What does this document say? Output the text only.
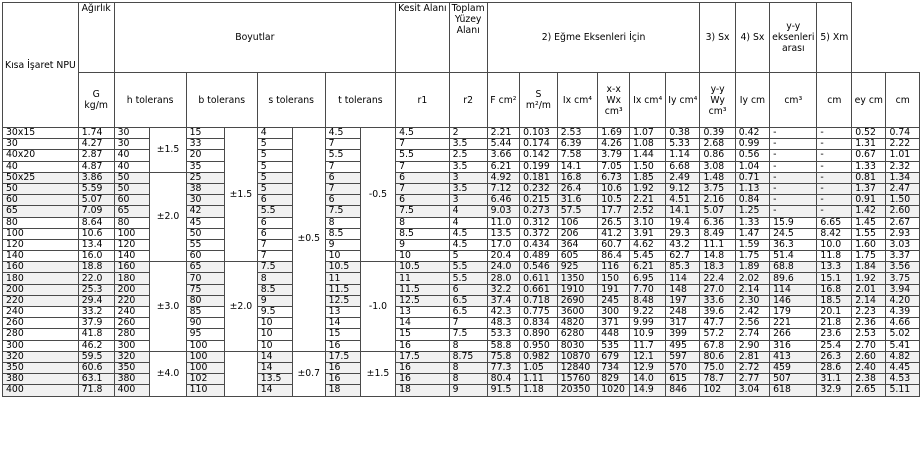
Kısa İşaret NPU	Ağırlık	Boyutlar								Kesit Alanı	Toplam Yüzey Alanı	2) Eğme Eksenleri İçin						3) Sx	4) Sx	y-y eksenleri arası	5) Xm		
	G kg/m	h tolerans		b tolerans		s tolerans		t tolerans		r1	r2	F cm²	S m²/m	Ix cm⁴	x-x Wx cm³	Ix cm⁴	Iy cm⁴	y-y Wy cm³	Iy cm	cm³	cm	ey cm	cm
30x15	1.74	30	±1.5	15	±1.5	4	±0.5	4.5	-0.5	4.5	2	2.21	0.103	2.53	1.69	1.07	0.38	0.39	0.42	-	-	0.52	0.74
30	4.27	30		33		5		7		7	3.5	5.44	0.174	6.39	4.26	1.08	5.33	2.68	0.99	-	-	1.31	2.22
40x20	2.87	40		20		5		5.5		5.5	2.5	3.66	0.142	7.58	3.79	1.44	1.14	0.86	0.56	-	-	0.67	1.01
40	4.87	40		35		5		7		7	3.5	6.21	0.199	14.1	7.05	1.50	6.68	3.08	1.04	-	-	1.33	2.32
50x25	3.86	50	±2.0	25		5		6		6	3	4.92	0.181	16.8	6.73	1.85	2.49	1.48	0.71	-	-	0.81	1.34
50	5.59	50		38		5		7		7	3.5	7.12	0.232	26.4	10.6	1.92	9.12	3.75	1.13	-	-	1.37	2.47
60	5.07	60		30		6		6		6	3	6.46	0.215	31.6	10.5	2.21	4.51	2.16	0.84	-	-	0.91	1.50
65	7.09	65		42		5.5		7.5		7.5	4	9.03	0.273	57.5	17.7	2.52	14.1	5.07	1.25	-	-	1.42	2.60
80	8.64	80		45		6		8		8	4	11.0	0.312	106	26.5	3.10	19.4	6.36	1.33	15.9	6.65	1.45	2.67
100	10.6	100		50		6		8.5		8.5	4.5	13.5	0.372	206	41.2	3.91	29.3	8.49	1.47	24.5	8.42	1.55	2.93
120	13.4	120		55		7		9		9	4.5	17.0	0.434	364	60.7	4.62	43.2	11.1	1.59	36.3	10.0	1.60	3.03
140	16.0	140		60		7		10		10	5	20.4	0.489	605	86.4	5.45	62.7	14.8	1.75	51.4	11.8	1.75	3.37
160	18.8	160	±3.0	65	±2.0	7.5		10.5	-1.0	10.5	5.5	24.0	0.546	925	116	6.21	85.3	18.3	1.89	68.8	13.3	1.84	3.56
180	22.0	180		70		8		11		11	5.5	28.0	0.611	1350	150	6.95	114	22.4	2.02	89.6	15.1	1.92	3.75
200	25.3	200		75		8.5		11.5		11.5	6	32.2	0.661	1910	191	7.70	148	27.0	2.14	114	16.8	2.01	3.94
220	29.4	220		80		9		12.5		12.5	6.5	37.4	0.718	2690	245	8.48	197	33.6	2.30	146	18.5	2.14	4.20
240	33.2	240		85		9.5		13		13	6.5	42.3	0.775	3600	300	9.22	248	39.6	2.42	179	20.1	2.23	4.39
260	37.9	260		90		10		14		14	7	48.3	0.834	4820	371	9.99	317	47.7	2.56	221	21.8	2.36	4.66
280	41.8	280		95		10		15		15	7.5	53.3	0.890	6280	448	10.9	399	57.2	2.74	266	23.6	2.53	5.02
300	46.2	300		100		10		16		16	8	58.8	0.950	8030	535	11.7	495	67.8	2.90	316	25.4	2.70	5.41
320	59.5	320	±4.0	100		14	±0.7	17.5	±1.5	17.5	8.75	75.8	0.982	10870	679	12.1	597	80.6	2.81	413	26.3	2.60	4.82
350	60.6	350		100		14		16		16	8	77.3	1.05	12840	734	12.9	570	75.0	2.72	459	28.6	2.40	4.45
380	63.1	380		102		13.5		16		16	8	80.4	1.11	15760	829	14.0	615	78.7	2.77	507	31.1	2.38	4.53
400	71.8	400		110		14		18		18	9	91.5	1.18	20350	1020	14.9	846	102	3.04	618	32.9	2.65	5.11
